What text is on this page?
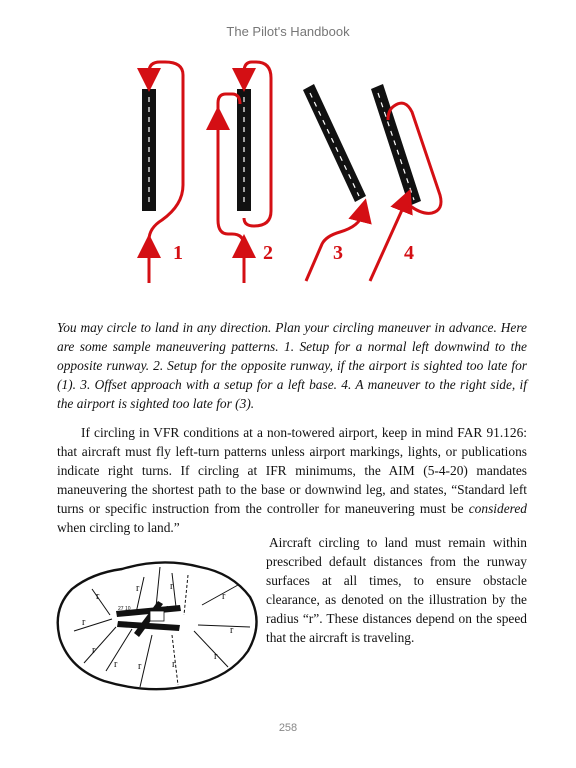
The Pilot's Handbook
1	2	3	4

You may circle to land in any direction. Plan your circling maneuver in advance. Here are some sample maneuvering patterns. 1. Setup for a normal left downwind to the opposite runway. 2. Setup for the opposite runway, if the airport is sighted too late for (1). 3. Offset approach with a setup for a left base. 4. A maneuver to the right side, if the airport is sighted too late for (3).

If circling in VFR conditions at a non-towered airport, keep in mind FAR 91.126: that aircraft must fly left-turn patterns unless airport markings, lights, or publications indicate right turns. If circling at IFR minimums, the AIM (5-4-20) mandates maneuvering the shortest path to the base or downwind leg, and states, “Standard left turns or specific instruction from the controller for maneuvering must be considered when circling to land.”

27 10	9 28
28 13
r
r
r
r	r
r
r
r
r
r
r

Aircraft circling to land must remain within prescribed default distances from the runway surfaces at all times, to ensure obstacle clearance, as denoted on the illustration by the radius “r”. These distances depend on the speed that the aircraft is traveling.

258
